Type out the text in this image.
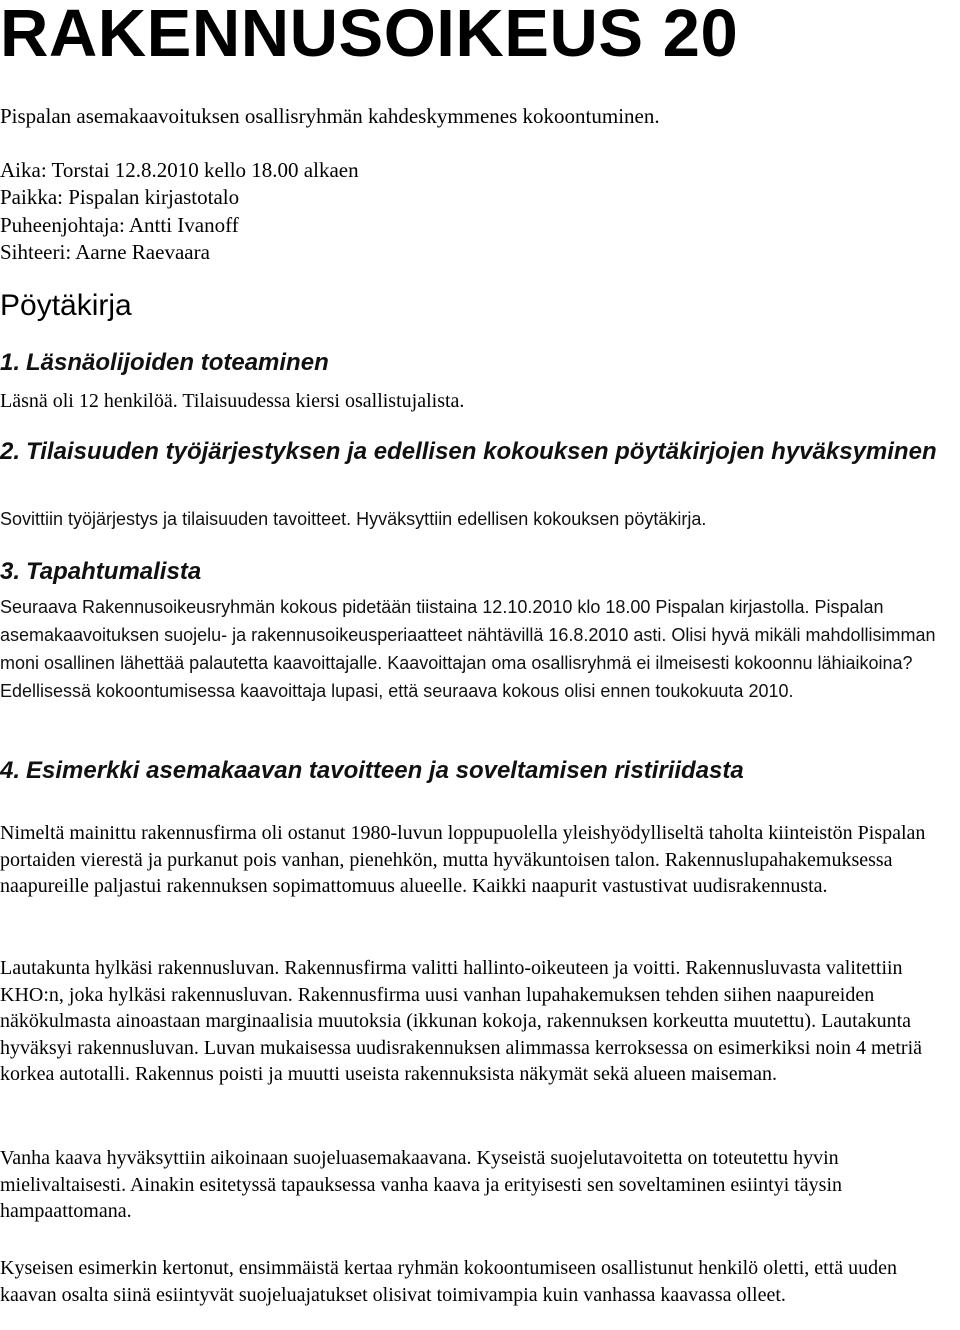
RAKENNUSOIKEUS 20
Pispalan asemakaavoituksen osallisryhmän kahdeskymmenes kokoontuminen.
Aika: Torstai 12.8.2010 kello 18.00 alkaen
Paikka: Pispalan kirjastotalo
Puheenjohtaja: Antti Ivanoff
Sihteeri: Aarne Raevaara
Pöytäkirja
1. Läsnäolijoiden toteaminen

Läsnä oli 12 henkilöä. Tilaisuudessa kiersi osallistujalista.

2. Tilaisuuden työjärjestyksen ja edellisen kokouksen pöytäkirjojen hyväksyminen

Sovittiin työjärjestys ja tilaisuuden tavoitteet. Hyväksyttiin edellisen kokouksen pöytäkirja.

3. Tapahtumalista

Seuraava Rakennusoikeusryhmän kokous pidetään tiistaina 12.10.2010 klo 18.00 Pispalan kirjastolla. Pispalan asemakaavoituksen suojelu- ja rakennusoikeusperiaatteet nähtävillä 16.8.2010 asti. Olisi hyvä mikäli mahdollisimman moni osallinen lähettää palautetta kaavoittajalle. Kaavoittajan oma osallisryhmä ei ilmeisesti kokoonnu lähiaikoina? Edellisessä kokoontumisessa kaavoittaja lupasi, että seuraava kokous olisi ennen toukokuuta 2010.

4. Esimerkki asemakaavan tavoitteen ja soveltamisen ristiriidasta

Nimeltä mainittu rakennusfirma oli ostanut 1980-luvun loppupuolella yleishyödylliseltä taholta kiinteistön Pispalan portaiden vierestä ja purkanut pois vanhan, pienehkön, mutta hyväkuntoisen talon. Rakennuslupahakemuksessa naapureille paljastui rakennuksen sopimattomuus alueelle. Kaikki naapurit vastustivat uudisrakennusta.

Lautakunta hylkäsi rakennusluvan. Rakennusfirma valitti hallinto-oikeuteen ja voitti. Rakennusluvasta valitettiin KHO:n, joka hylkäsi rakennusluvan. Rakennusfirma uusi vanhan lupahakemuksen tehden siihen naapureiden näkökulmasta ainoastaan marginaalisia muutoksia (ikkunan kokoja, rakennuksen korkeutta muutettu). Lautakunta hyväksyi rakennusluvan. Luvan mukaisessa uudisrakennuksen alimmassa kerroksessa on esimerkiksi noin 4 metriä korkea autotalli. Rakennus poisti ja muutti useista rakennuksista näkymät sekä alueen maiseman.

Vanha kaava hyväksyttiin aikoinaan suojeluasemakaavana. Kyseistä suojelutavoitetta on toteutettu hyvin mielivaltaisesti. Ainakin esitetyssä tapauksessa vanha kaava ja erityisesti sen soveltaminen esiintyi täysin hampaattomana.

Kyseisen esimerkin kertonut, ensimmäistä kertaa ryhmän kokoontumiseen osallistunut henkilö oletti, että uuden kaavan osalta siinä esiintyvät suojeluajatukset olisivat toimivampia kuin vanhassa kaavassa olleet.
